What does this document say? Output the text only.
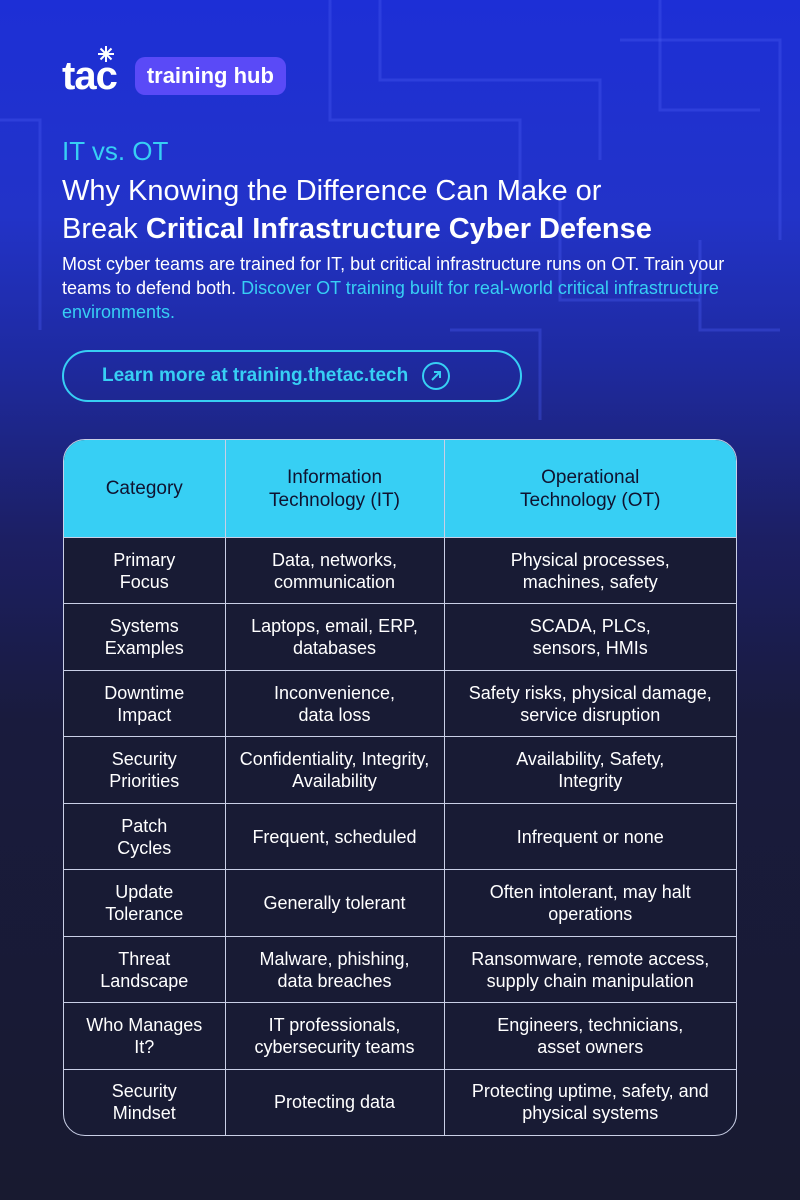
tac	training hub
IT vs. OT
Why Knowing the Difference Can Make or
Break Critical Infrastructure Cyber Defense
Most cyber teams are trained for IT, but critical infrastructure runs on OT. Train your teams to defend both. Discover OT training built for real-world critical infrastructure environments.
Learn more at training.thetac.tech
Category	Information Technology (IT)	Operational Technology (OT)
Primary Focus	Data, networks, communication	Physical processes, machines, safety
Systems Examples	Laptops, email, ERP, databases	SCADA, PLCs, sensors, HMIs
Downtime Impact	Inconvenience, data loss	Safety risks, physical damage, service disruption
Security Priorities	Confidentiality, Integrity, Availability	Availability, Safety, Integrity
Patch Cycles	Frequent, scheduled	Infrequent or none
Update Tolerance	Generally tolerant	Often intolerant, may halt operations
Threat Landscape	Malware, phishing, data breaches	Ransomware, remote access, supply chain manipulation
Who Manages It?	IT professionals, cybersecurity teams	Engineers, technicians, asset owners
Security Mindset	Protecting data	Protecting uptime, safety, and physical systems
